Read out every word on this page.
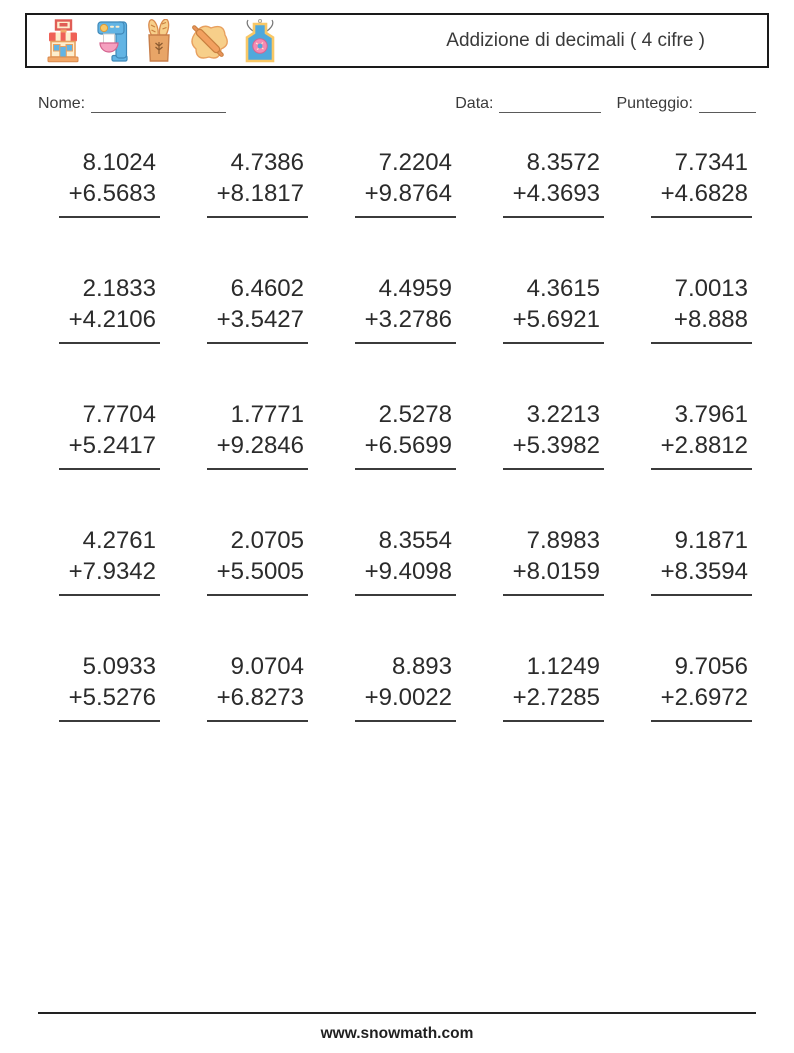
Addizione di decimali ( 4 cifre )
Nome:	Data:	Punteggio:
8.1024
+6.5683
4.7386
+8.1817
7.2204
+9.8764
8.3572
+4.3693
7.7341
+4.6828
2.1833
+4.2106
6.4602
+3.5427
4.4959
+3.2786
4.3615
+5.6921
7.0013
+8.888
7.7704
+5.2417
1.7771
+9.2846
2.5278
+6.5699
3.2213
+5.3982
3.7961
+2.8812
4.2761
+7.9342
2.0705
+5.5005
8.3554
+9.4098
7.8983
+8.0159
9.1871
+8.3594
5.0933
+5.5276
9.0704
+6.8273
8.893
+9.0022
1.1249
+2.7285
9.7056
+2.6972
www.snowmath.com
